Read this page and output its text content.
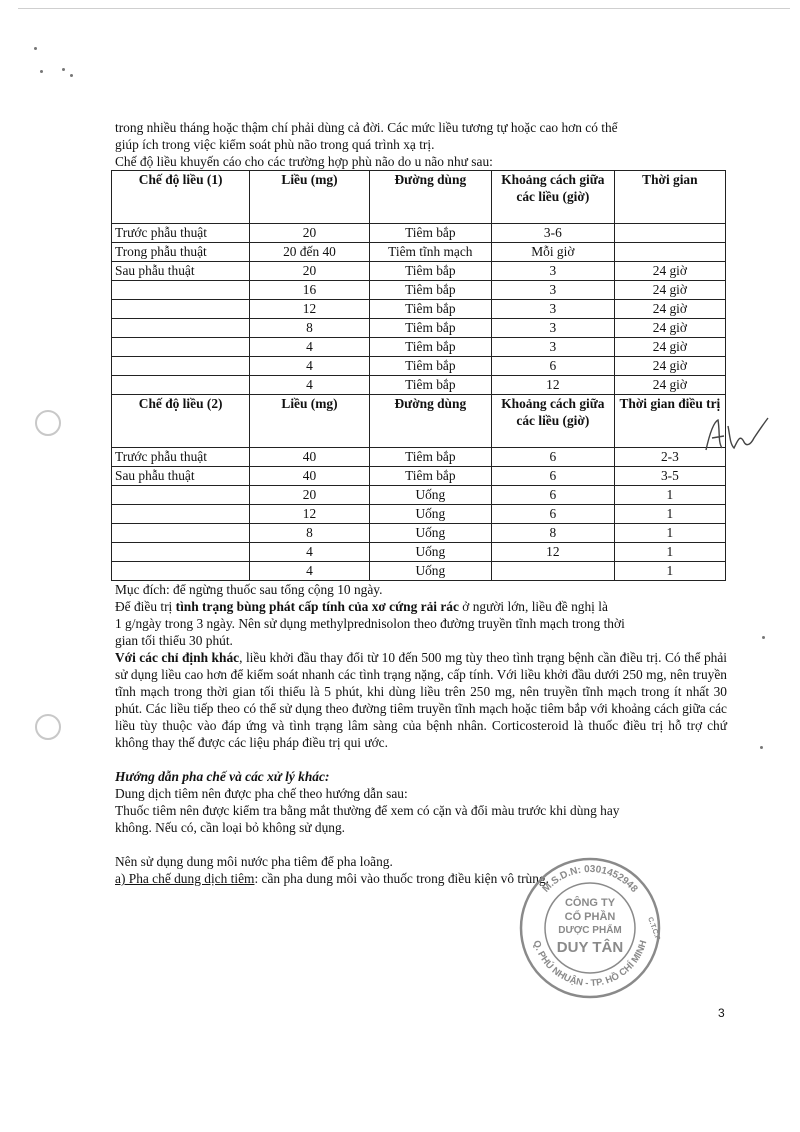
trong nhiều tháng hoặc thậm chí phải dùng cả đời. Các mức liều tương tự hoặc cao hơn có thể

giúp ích trong việc kiểm soát phù não trong quá trình xạ trị.

Chế độ liều khuyến cáo cho các trường hợp phù não do u não như sau:

Chế độ liều (1)	Liều (mg)	Đường dùng	Khoảng cách giữa các liều (giờ)	Thời gian
Trước phẫu thuật	20	Tiêm bắp	3-6	
Trong phẫu thuật	20 đến 40	Tiêm tĩnh mạch	Mỗi giờ	
Sau phẫu thuật	20	Tiêm bắp	3	24 giờ
	16	Tiêm bắp	3	24 giờ
	12	Tiêm bắp	3	24 giờ
	8	Tiêm bắp	3	24 giờ
	4	Tiêm bắp	3	24 giờ
	4	Tiêm bắp	6	24 giờ
	4	Tiêm bắp	12	24 giờ
Chế độ liều (2)	Liều (mg)	Đường dùng	Khoảng cách giữa các liều (giờ)	Thời gian điều trị
Trước phẫu thuật	40	Tiêm bắp	6	2-3
Sau phẫu thuật	40	Tiêm bắp	6	3-5
	20	Uống	6	1
	12	Uống	6	1
	8	Uống	8	1
	4	Uống	12	1
	4	Uống		1

Mục đích: để ngừng thuốc sau tổng cộng 10 ngày.

Để điều trị tình trạng bùng phát cấp tính của xơ cứng rải rác ở người lớn, liều đề nghị là

1 g/ngày trong 3 ngày. Nên sử dụng methylprednisolon theo đường truyền tĩnh mạch trong thời

gian tối thiểu 30 phút.

Với các chỉ định khác, liều khởi đầu thay đổi từ 10 đến 500 mg tùy theo tình trạng bệnh cần điều trị. Có thể phải sử dụng liều cao hơn để kiểm soát nhanh các tình trạng nặng, cấp tính. Với liều khởi đầu dưới 250 mg, nên truyền tĩnh mạch trong thời gian tối thiểu là 5 phút, khi dùng liều trên 250 mg, nên truyền tĩnh mạch trong ít nhất 30 phút. Các liều tiếp theo có thể sử dụng theo đường tiêm truyền tĩnh mạch hoặc tiêm bắp với khoảng cách giữa các liều tùy thuộc vào đáp ứng và tình trạng lâm sàng của bệnh nhân. Corticosteroid là thuốc điều trị hỗ trợ chứ không thay thế được các liệu pháp điều trị qui ước.

Hướng dẫn pha chế và các xử lý khác:

Dung dịch tiêm nên được pha chế theo hướng dẫn sau:

Thuốc tiêm nên được kiểm tra bằng mắt thường để xem có cặn và đổi màu trước khi dùng hay

không. Nếu có, cần loại bỏ không sử dụng.

Nên sử dụng dung môi nước pha tiêm để pha loãng.

a) Pha chế dung dịch tiêm: cần pha dung môi vào thuốc trong điều kiện vô trùng.

M.S.D.N: 0301452948
Q. PHÚ NHUẬN - TP. HỒ CHÍ MINH
C.T.C.P
CÔNG TY
CỔ PHẦN
DƯỢC PHẨM
DUY TÂN
3
